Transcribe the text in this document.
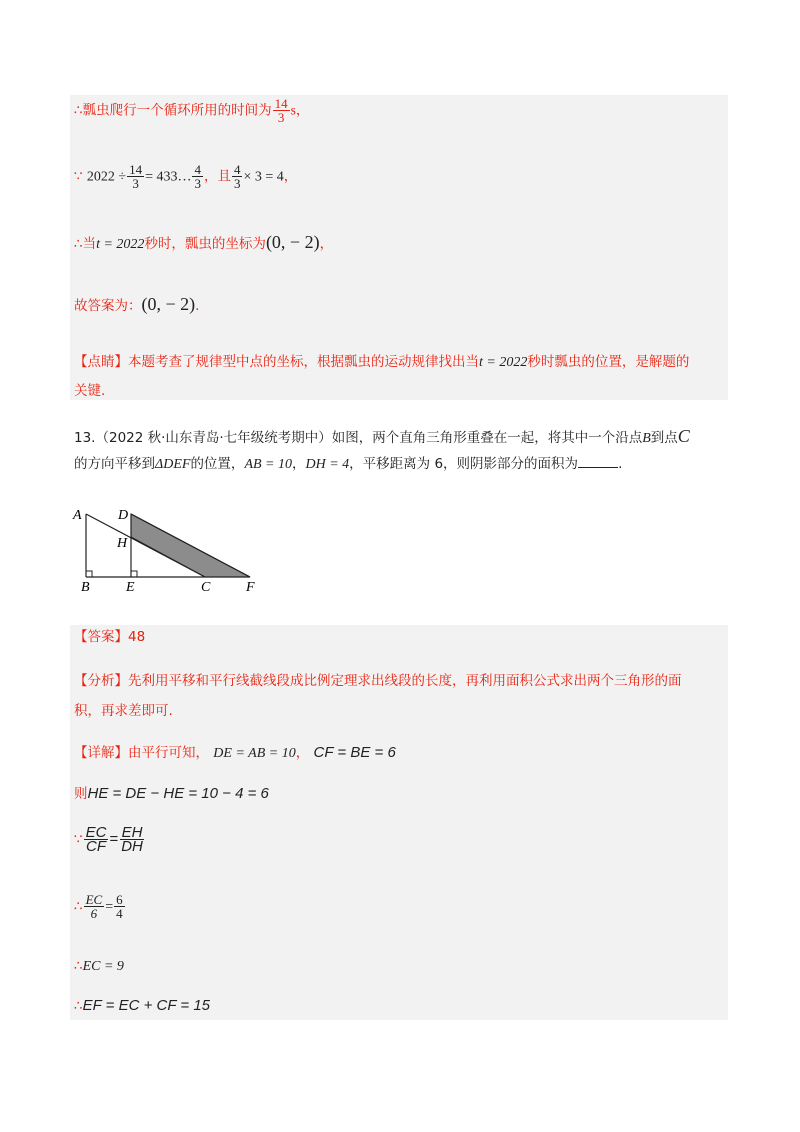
∴瓢虫爬行一个循环所用的时间为 $\frac{14}{3}$ s，
∵ $2022 \div \frac{14}{3}$ = 433… $\frac{4}{3}$ ，且 $\frac{4}{3} \times 3 = 4$，
∴当t = 2022秒时，瓢虫的坐标为(0, − 2)，
故答案为：(0, − 2).
【点睛】本题考查了规律型中点的坐标，根据瓢虫的运动规律找出当t = 2022秒时瓢虫的位置，是解题的
关键.
13.（2022 秋·山东青岛·七年级统考期中）如图，两个直角三角形重叠在一起，将其中一个沿点B到点C
的方向平移到ΔDEF的位置，AB = 10，DH = 4，平移距离为 6，则阴影部分的面积为	.
A	D
H
B	E	C	F
【答案】48
【分析】先利用平移和平行线截线段成比例定理求出线段的长度，再利用面积公式求出两个三角形的面
积，再求差即可.
【详解】由平行可知， DE = AB = 10， CF = BE = 6
则HE = DE − HE = 10 − 4 = 6
∵ $\frac{EC}{CF} = \frac{EH}{DH}$
∴ $\frac{EC}{6} = \frac{6}{4}$
∴EC = 9
∴EF = EC + CF = 15
